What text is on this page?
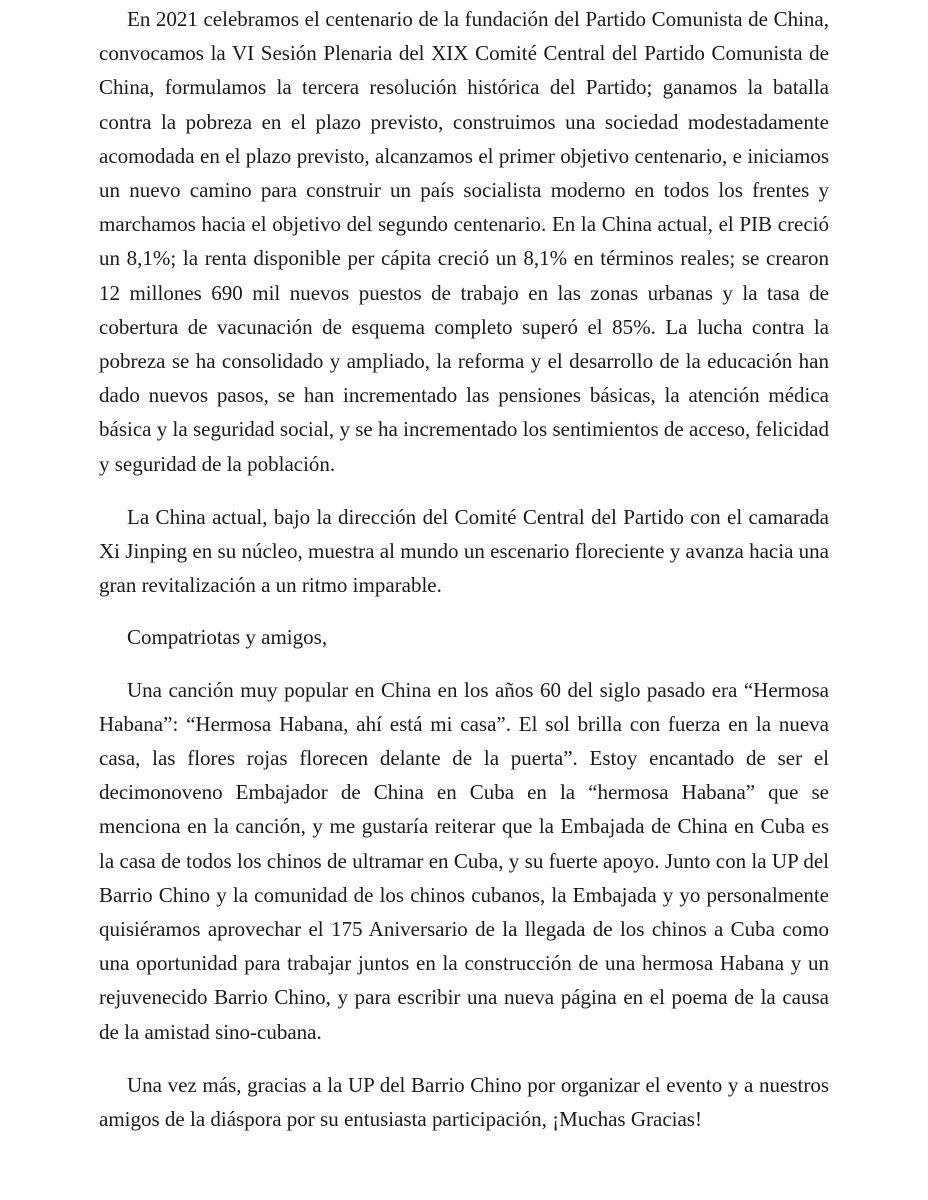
En 2021 celebramos el centenario de la fundación del Partido Comunista de China, convocamos la VI Sesión Plenaria del XIX Comité Central del Partido Comunista de China, formulamos la tercera resolución histórica del Partido; ganamos la batalla contra la pobreza en el plazo previsto, construimos una sociedad modestadamente acomodada en el plazo previsto, alcanzamos el primer objetivo centenario, e iniciamos un nuevo camino para construir un país socialista moderno en todos los frentes y marchamos hacia el objetivo del segundo centenario. En la China actual, el PIB creció un 8,1%; la renta disponible per cápita creció un 8,1% en términos reales; se crearon 12 millones 690 mil nuevos puestos de trabajo en las zonas urbanas y la tasa de cobertura de vacunación de esquema completo superó el 85%. La lucha contra la pobreza se ha consolidado y ampliado, la reforma y el desarrollo de la educación han dado nuevos pasos, se han incrementado las pensiones básicas, la atención médica básica y la seguridad social, y se ha incrementado los sentimientos de acceso, felicidad y seguridad de la población.

La China actual, bajo la dirección del Comité Central del Partido con el camarada Xi Jinping en su núcleo, muestra al mundo un escenario floreciente y avanza hacia una gran revitalización a un ritmo imparable.

Compatriotas y amigos,

Una canción muy popular en China en los años 60 del siglo pasado era “Hermosa Habana”: “Hermosa Habana, ahí está mi casa”. El sol brilla con fuerza en la nueva casa, las flores rojas florecen delante de la puerta”. Estoy encantado de ser el decimonoveno Embajador de China en Cuba en la “hermosa Habana” que se menciona en la canción, y me gustaría reiterar que la Embajada de China en Cuba es la casa de todos los chinos de ultramar en Cuba, y su fuerte apoyo. Junto con la UP del Barrio Chino y la comunidad de los chinos cubanos, la Embajada y yo personalmente quisiéramos aprovechar el 175 Aniversario de la llegada de los chinos a Cuba como una oportunidad para trabajar juntos en la construcción de una hermosa Habana y un rejuvenecido Barrio Chino, y para escribir una nueva página en el poema de la causa de la amistad sino-cubana.

Una vez más, gracias a la UP del Barrio Chino por organizar el evento y a nuestros amigos de la diáspora por su entusiasta participación, ¡Muchas Gracias!
